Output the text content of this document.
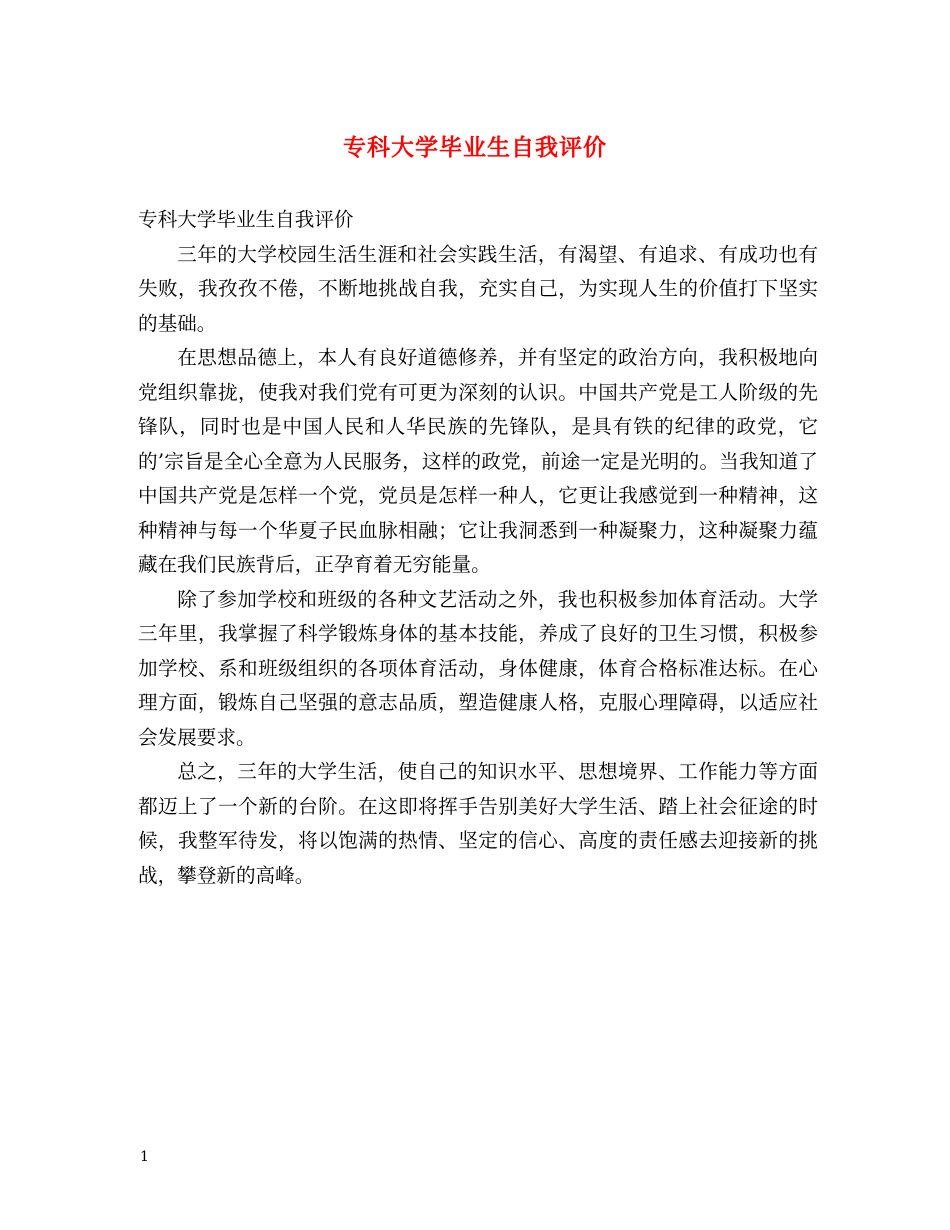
专科大学毕业生自我评价

专科大学毕业生自我评价

三年的大学校园生活生涯和社会实践生活，有渴望、有追求、有成功也有失败，我孜孜不倦，不断地挑战自我，充实自己，为实现人生的价值打下坚实的基础。

在思想品德上，本人有良好道德修养，并有坚定的政治方向，我积极地向党组织靠拢，使我对我们党有可更为深刻的认识。中国共产党是工人阶级的先锋队，同时也是中国人民和人华民族的先锋队，是具有铁的纪律的政党，它的’宗旨是全心全意为人民服务，这样的政党，前途一定是光明的。当我知道了中国共产党是怎样一个党，党员是怎样一种人，它更让我感觉到一种精神，这种精神与每一个华夏子民血脉相融；它让我洞悉到一种凝聚力，这种凝聚力蕴藏在我们民族背后，正孕育着无穷能量。

除了参加学校和班级的各种文艺活动之外，我也积极参加体育活动。大学三年里，我掌握了科学锻炼身体的基本技能，养成了良好的卫生习惯，积极参加学校、系和班级组织的各项体育活动，身体健康，体育合格标准达标。在心理方面，锻炼自己坚强的意志品质，塑造健康人格，克服心理障碍，以适应社会发展要求。

总之，三年的大学生活，使自己的知识水平、思想境界、工作能力等方面都迈上了一个新的台阶。在这即将挥手告别美好大学生活、踏上社会征途的时候，我整军待发，将以饱满的热情、坚定的信心、高度的责任感去迎接新的挑战，攀登新的高峰。

1
